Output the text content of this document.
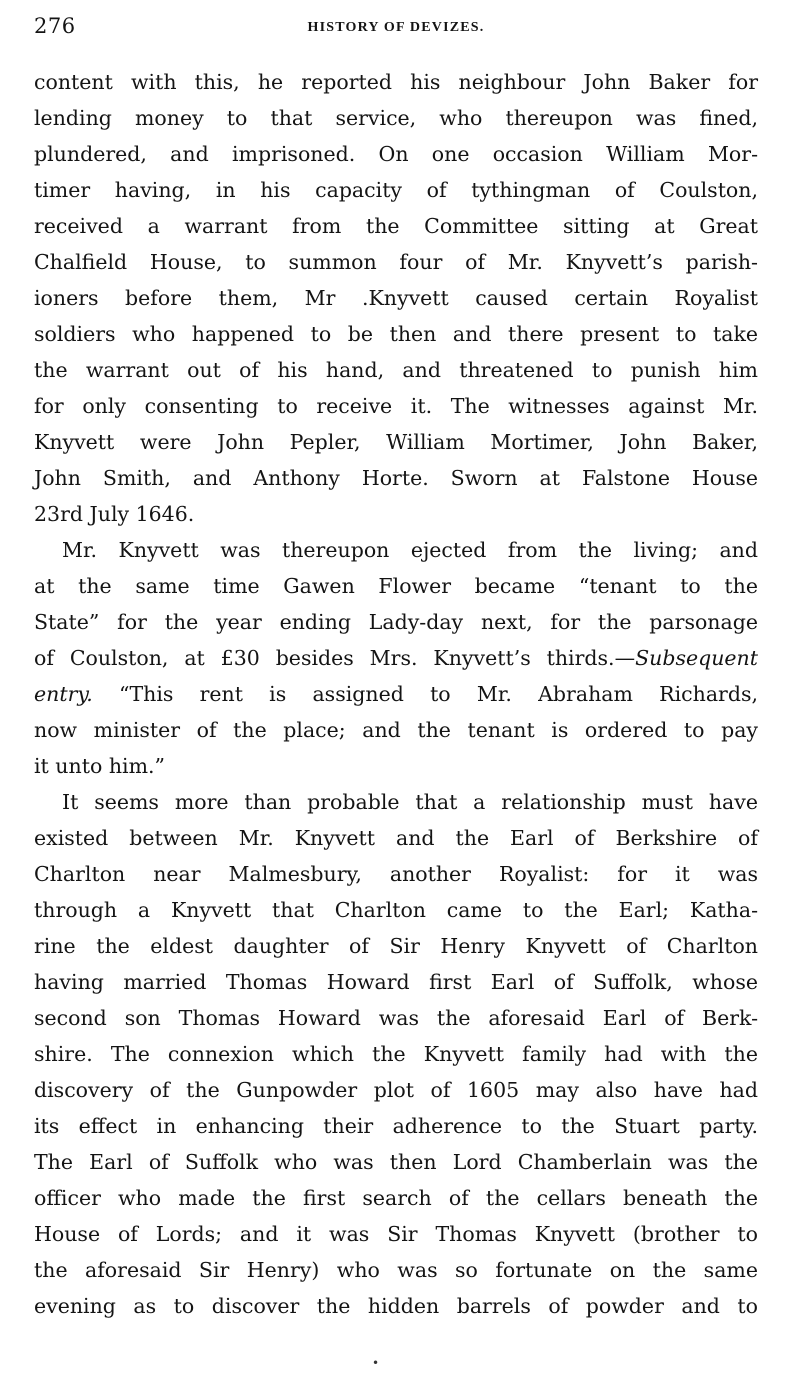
276	HISTORY OF DEVIZES.
content with this, he reported his neighbour John Baker for
lending money to that service, who thereupon was fined,
plundered, and imprisoned. On one occasion William Mor-
timer having, in his capacity of tythingman of Coulston,
received a warrant from the Committee sitting at Great
Chalfield House, to summon four of Mr. Knyvett’s parish-
ioners before them, Mr .Knyvett caused certain Royalist
soldiers who happened to be then and there present to take
the warrant out of his hand, and threatened to punish him
for only consenting to receive it. The witnesses against Mr.
Knyvett were John Pepler, William Mortimer, John Baker,
John Smith, and Anthony Horte. Sworn at Falstone House
23rd July 1646.
Mr. Knyvett was thereupon ejected from the living; and
at the same time Gawen Flower became “tenant to the
State” for the year ending Lady-day next, for the parsonage
of Coulston, at £30 besides Mrs. Knyvett’s thirds.—Subsequent
entry. “This rent is assigned to Mr. Abraham Richards,
now minister of the place; and the tenant is ordered to pay
it unto him.”
It seems more than probable that a relationship must have
existed between Mr. Knyvett and the Earl of Berkshire of
Charlton near Malmesbury, another Royalist: for it was
through a Knyvett that Charlton came to the Earl; Katha-
rine the eldest daughter of Sir Henry Knyvett of Charlton
having married Thomas Howard first Earl of Suffolk, whose
second son Thomas Howard was the aforesaid Earl of Berk-
shire. The connexion which the Knyvett family had with the
discovery of the Gunpowder plot of 1605 may also have had
its effect in enhancing their adherence to the Stuart party.
The Earl of Suffolk who was then Lord Chamberlain was the
officer who made the first search of the cellars beneath the
House of Lords; and it was Sir Thomas Knyvett (brother to
the aforesaid Sir Henry) who was so fortunate on the same
evening as to discover the hidden barrels of powder and to
•
